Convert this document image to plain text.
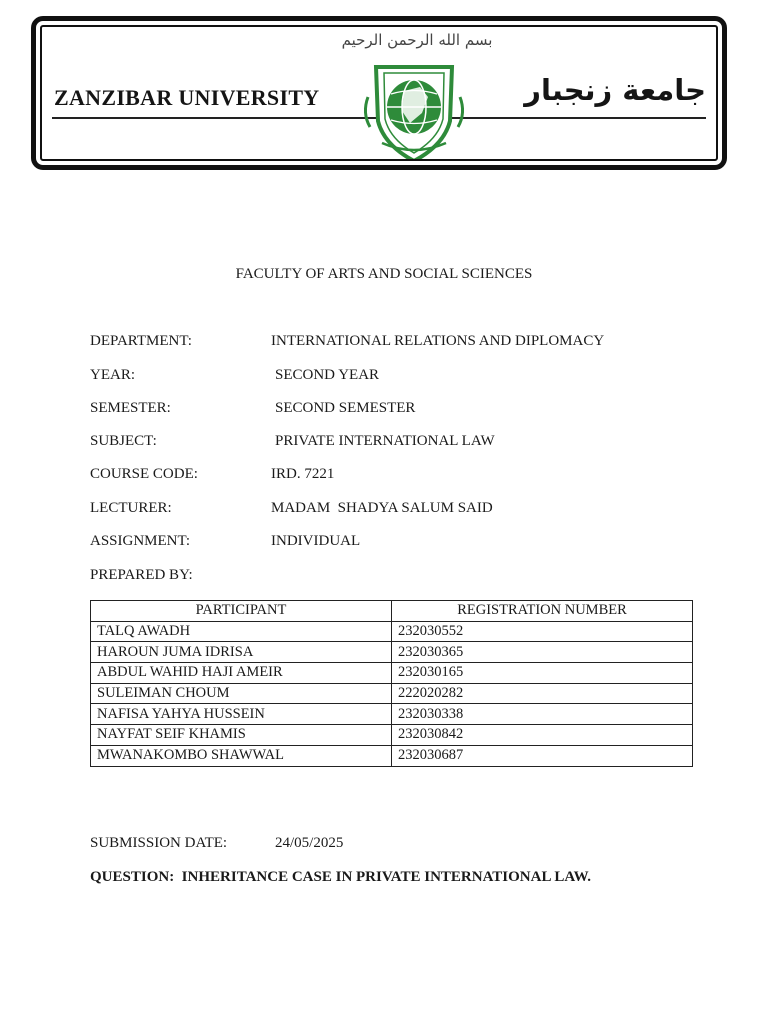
بسم الله الرحمن الرحيم
ZANZIBAR UNIVERSITY	جامعة زنجبار
FACULTY OF ARTS AND SOCIAL SCIENCES
DEPARTMENT:	INTERNATIONAL RELATIONS AND DIPLOMACY
YEAR:	SECOND YEAR
SEMESTER:	SECOND SEMESTER
SUBJECT:	PRIVATE INTERNATIONAL LAW
COURSE CODE:	IRD. 7221
LECTURER:	MADAM  SHADYA SALUM SAID
ASSIGNMENT:	INDIVIDUAL
PREPARED BY:
PARTICIPANT	REGISTRATION NUMBER
TALQ AWADH	232030552
HAROUN JUMA IDRISA	232030365
ABDUL WAHID HAJI AMEIR	232030165
SULEIMAN CHOUM	222020282
NAFISA YAHYA HUSSEIN	232030338
NAYFAT SEIF KHAMIS	232030842
MWANAKOMBO SHAWWAL	232030687
SUBMISSION DATE:	24/05/2025
QUESTION:  INHERITANCE CASE IN PRIVATE INTERNATIONAL LAW.
